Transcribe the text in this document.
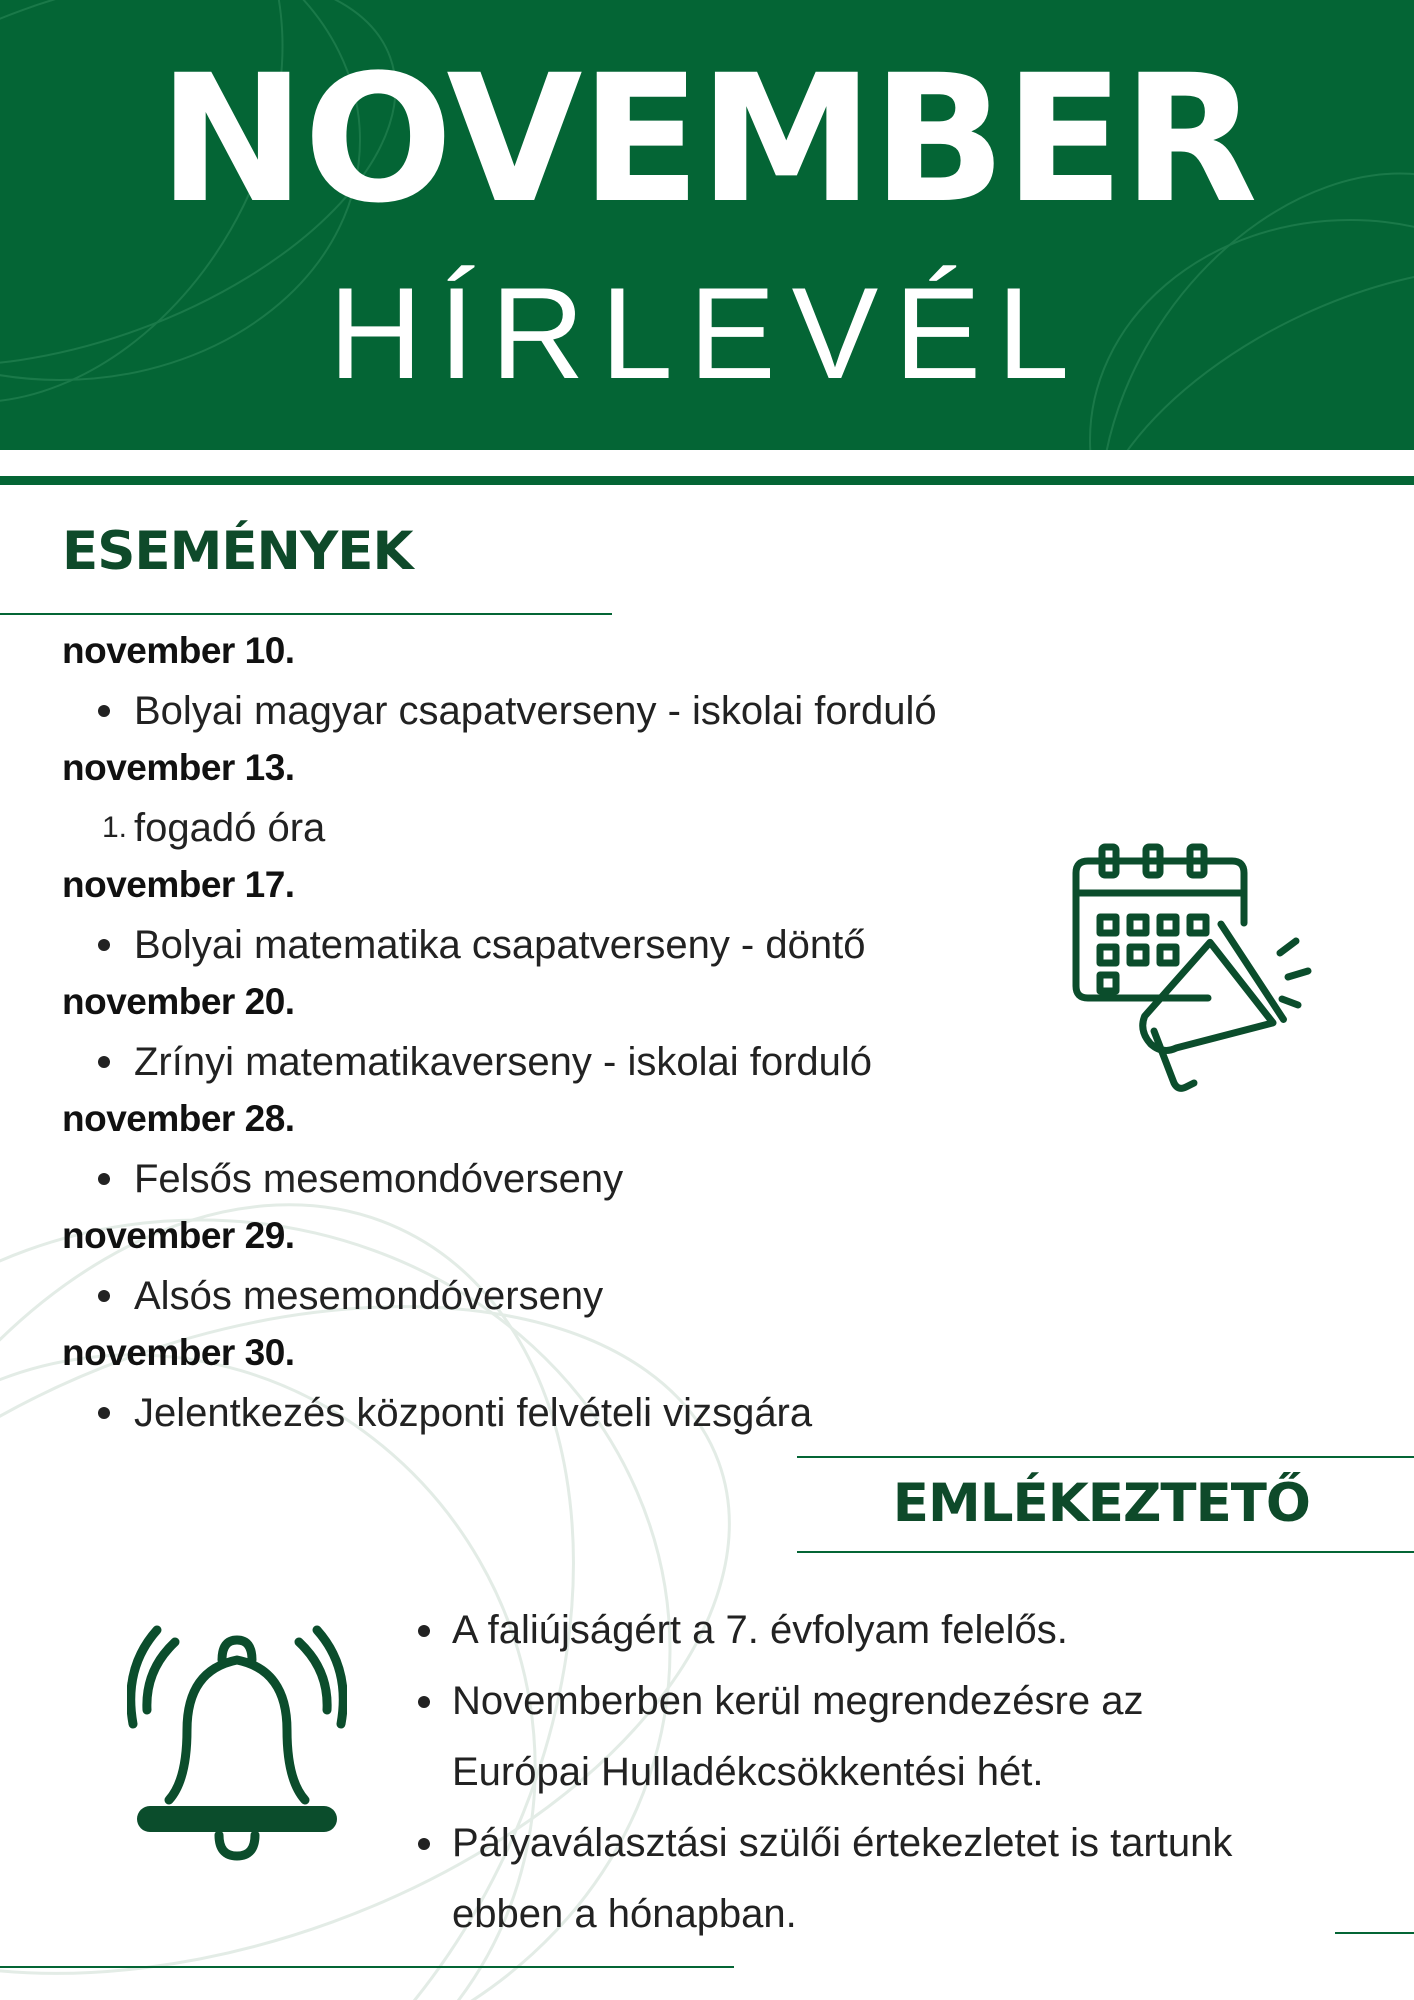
NOVEMBER
HÍRLEVÉL
ESEMÉNYEK
november 10.
Bolyai magyar csapatverseny - iskolai forduló
november 13.
1. fogadó óra
november 17.
Bolyai matematika csapatverseny - döntő
november 20.
Zrínyi matematikaverseny - iskolai forduló
november 28.
Felsős mesemondóverseny
november 29.
Alsós mesemondóverseny
november 30.
Jelentkezés központi felvételi vizsgára
EMLÉKEZTETŐ
A faliújságért a 7. évfolyam felelős.
Novemberben kerül megrendezésre az Európai Hulladékcsökkentési hét.
Pályaválasztási szülői értekezletet is tartunk ebben a hónapban.
